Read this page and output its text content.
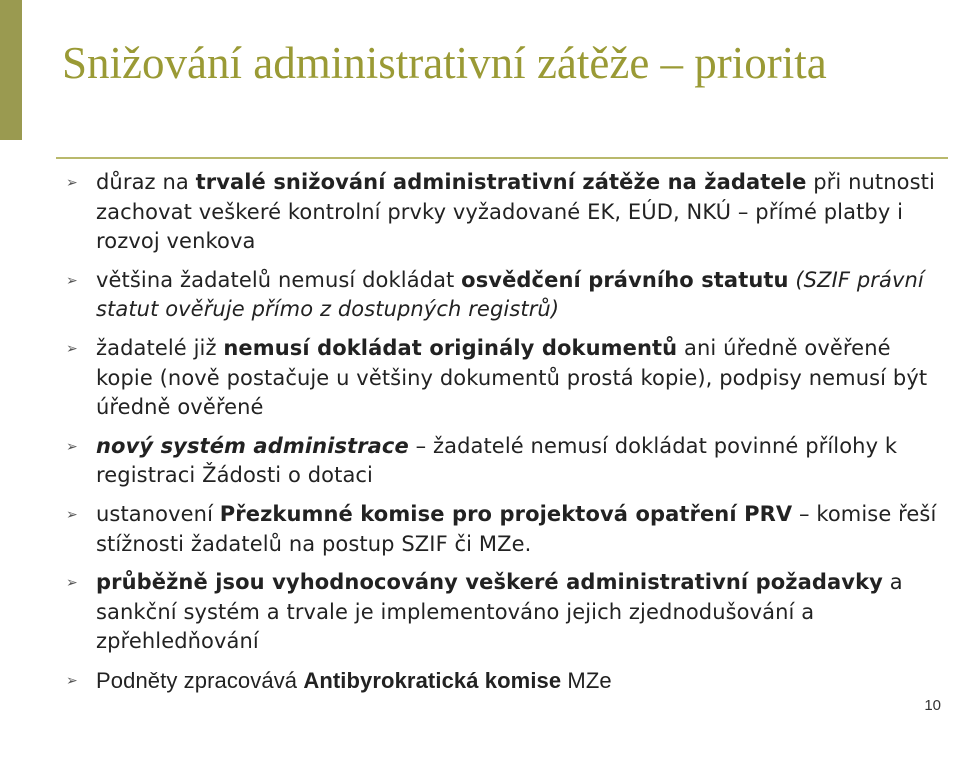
Snižování administrativní zátěže – priorita
➢ důraz na trvalé snižování administrativní zátěže na žadatele při nutnosti zachovat veškeré kontrolní prvky vyžadované EK, EÚD, NKÚ – přímé platby i rozvoj venkova
➢ většina žadatelů nemusí dokládat osvědčení právního statutu (SZIF právní statut ověřuje přímo z dostupných registrů)
➢ žadatelé již nemusí dokládat originály dokumentů ani úředně ověřené kopie (nově postačuje u většiny dokumentů prostá kopie), podpisy nemusí být úředně ověřené
➢ nový systém administrace – žadatelé nemusí dokládat povinné přílohy k registraci Žádosti o dotaci
➢ ustanovení Přezkumné komise pro projektová opatření PRV – komise řeší stížnosti žadatelů na postup SZIF či MZe.
➢ průběžně jsou vyhodnocovány veškeré administrativní požadavky a sankční systém a trvale je implementováno jejich zjednodušování a zpřehledňování
➢ Podněty zpracovává Antibyrokratická komise MZe
10
